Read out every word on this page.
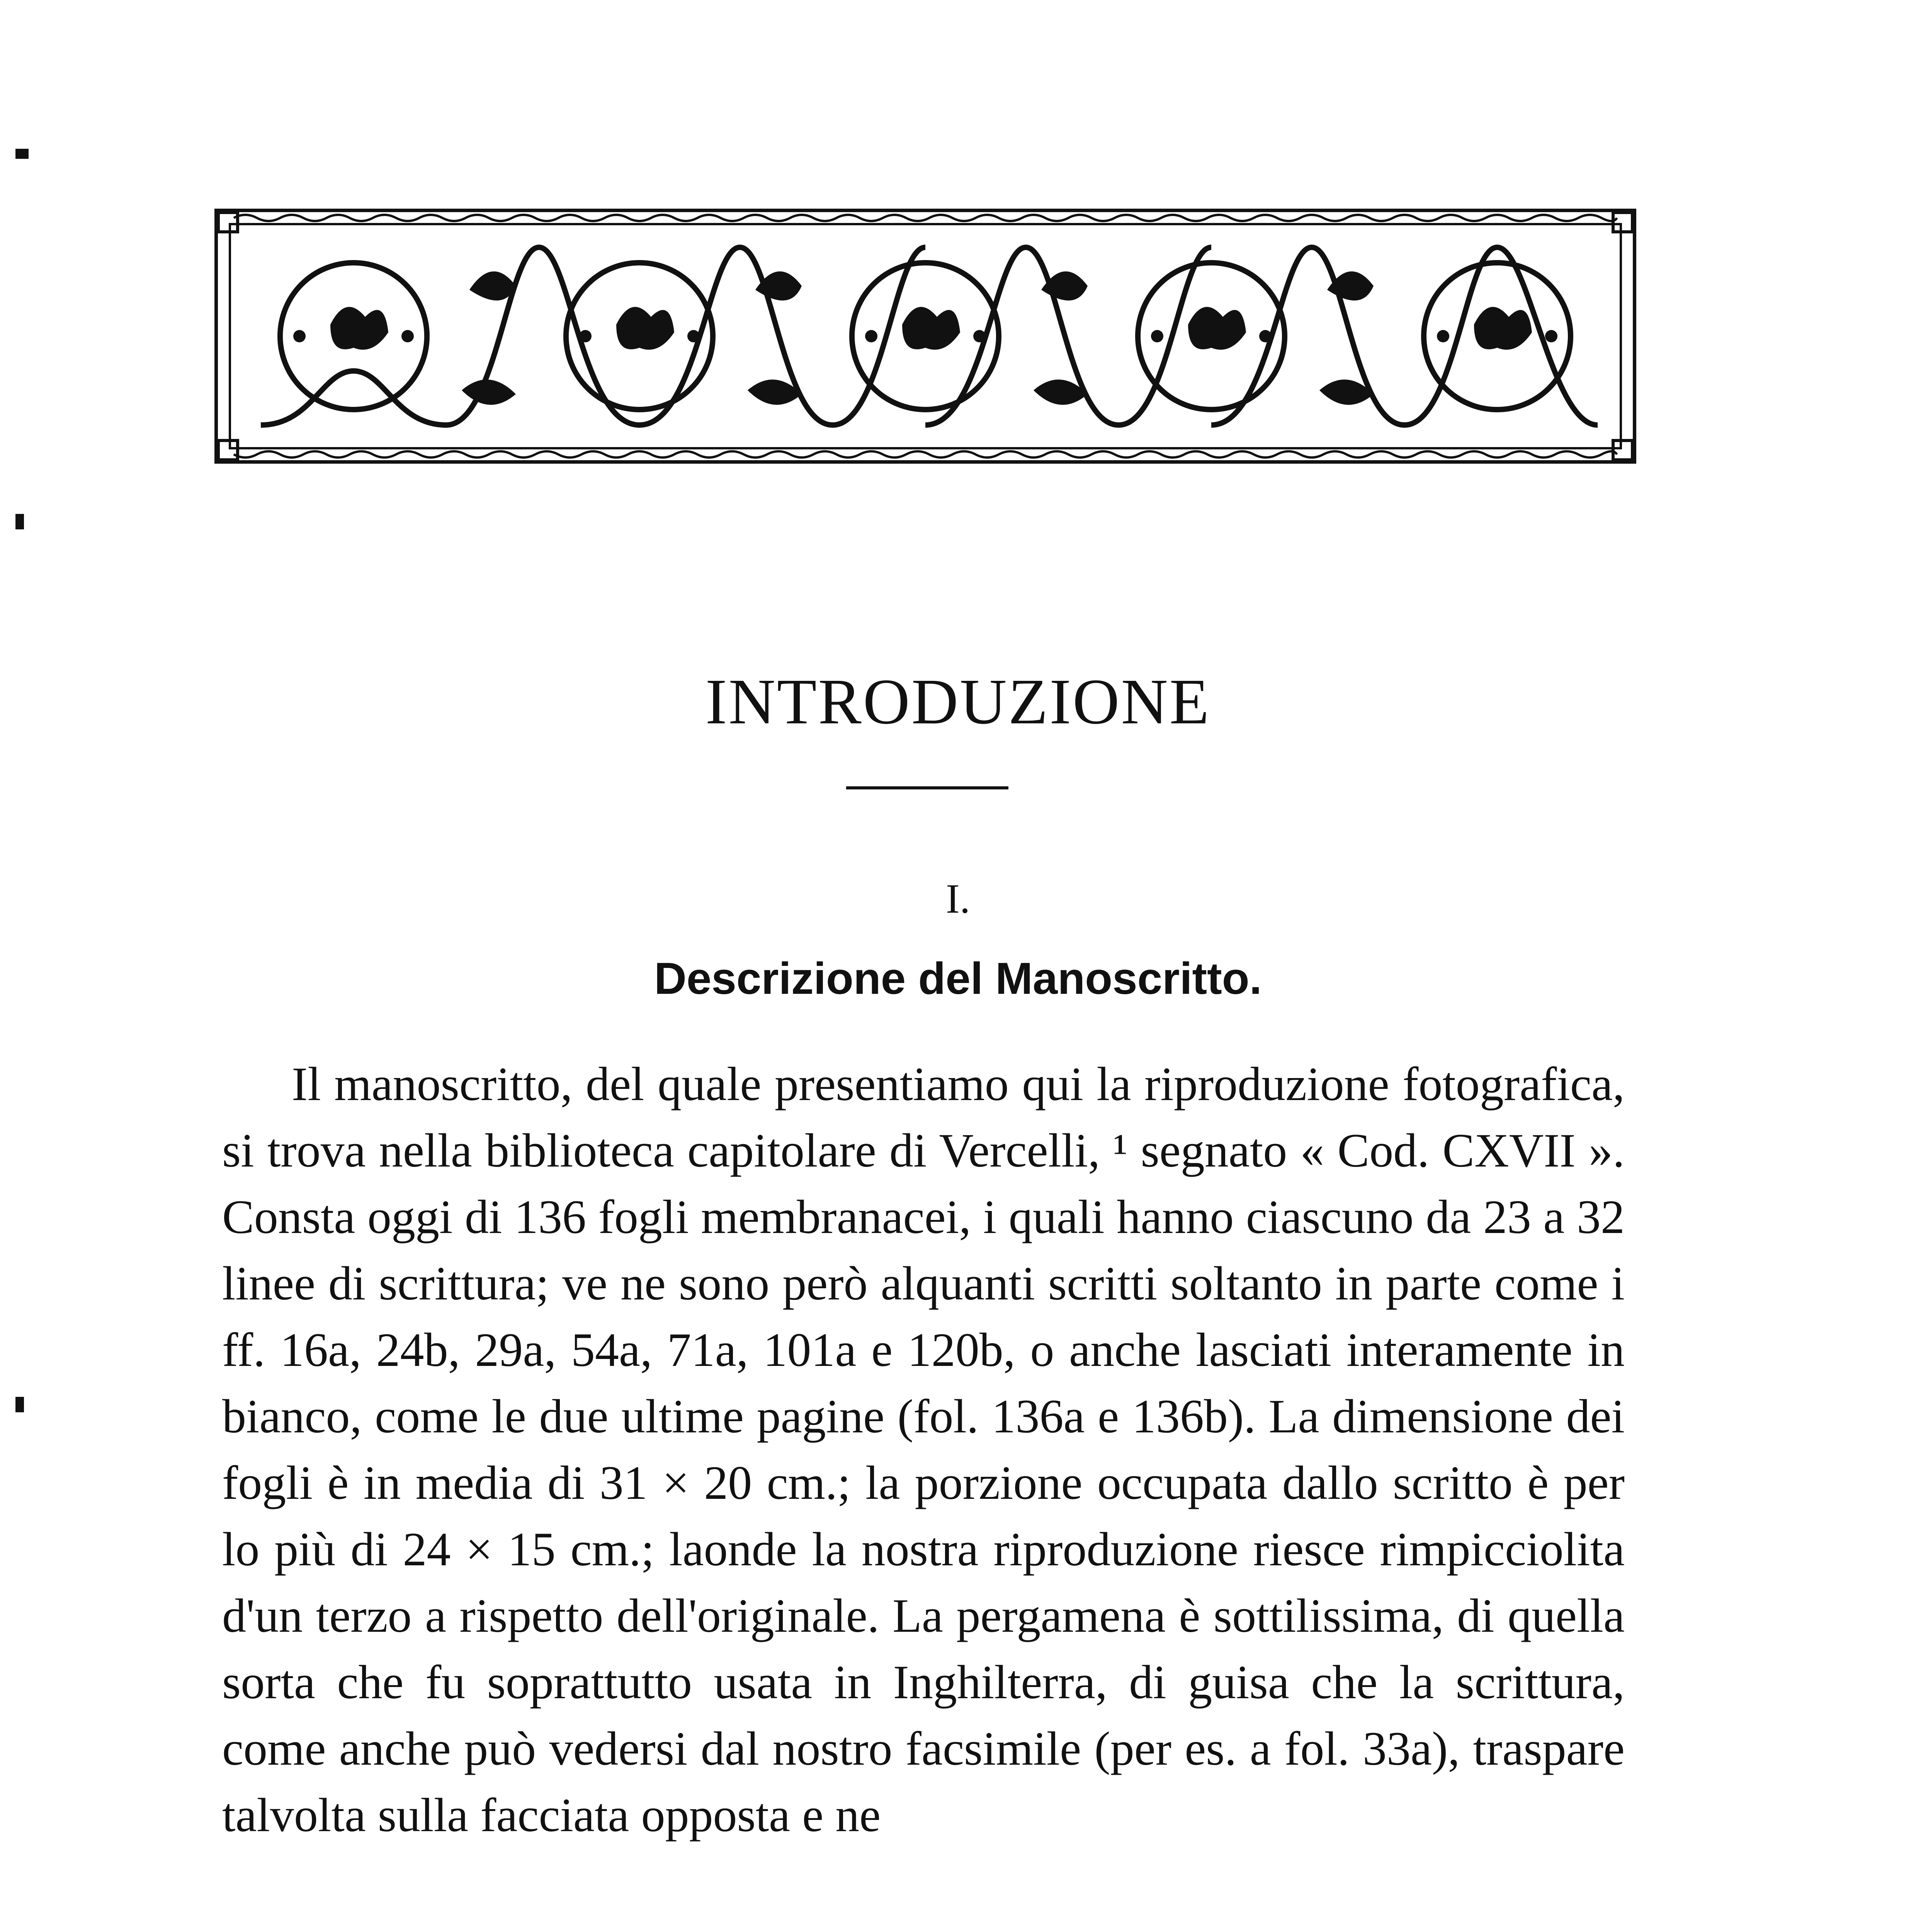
INTRODUZIONE
I.
Descrizione del Manoscritto.

Il manoscritto, del quale presentiamo qui la riproduzione fotografica, si trova nella biblioteca capitolare di Vercelli, ¹ segnato « Cod. CXVII ». Consta oggi di 136 fogli membranacei, i quali hanno ciascuno da 23 a 32 linee di scrittura; ve ne sono però alquanti scritti soltanto in parte come i ff. 16a, 24b, 29a, 54a, 71a, 101a e 120b, o anche lasciati interamente in bianco, come le due ultime pagine (fol. 136a e 136b). La dimensione dei fogli è in media di 31 × 20 cm.; la porzione occupata dallo scritto è per lo più di 24 × 15 cm.; laonde la nostra riproduzione riesce rimpicciolita d'un terzo a rispetto dell'originale. La pergamena è sottilissima, di quella sorta che fu soprattutto usata in Inghilterra, di guisa che la scrittura, come anche può vedersi dal nostro facsimile (per es. a fol. 33a), traspare talvolta sulla facciata opposta e ne
